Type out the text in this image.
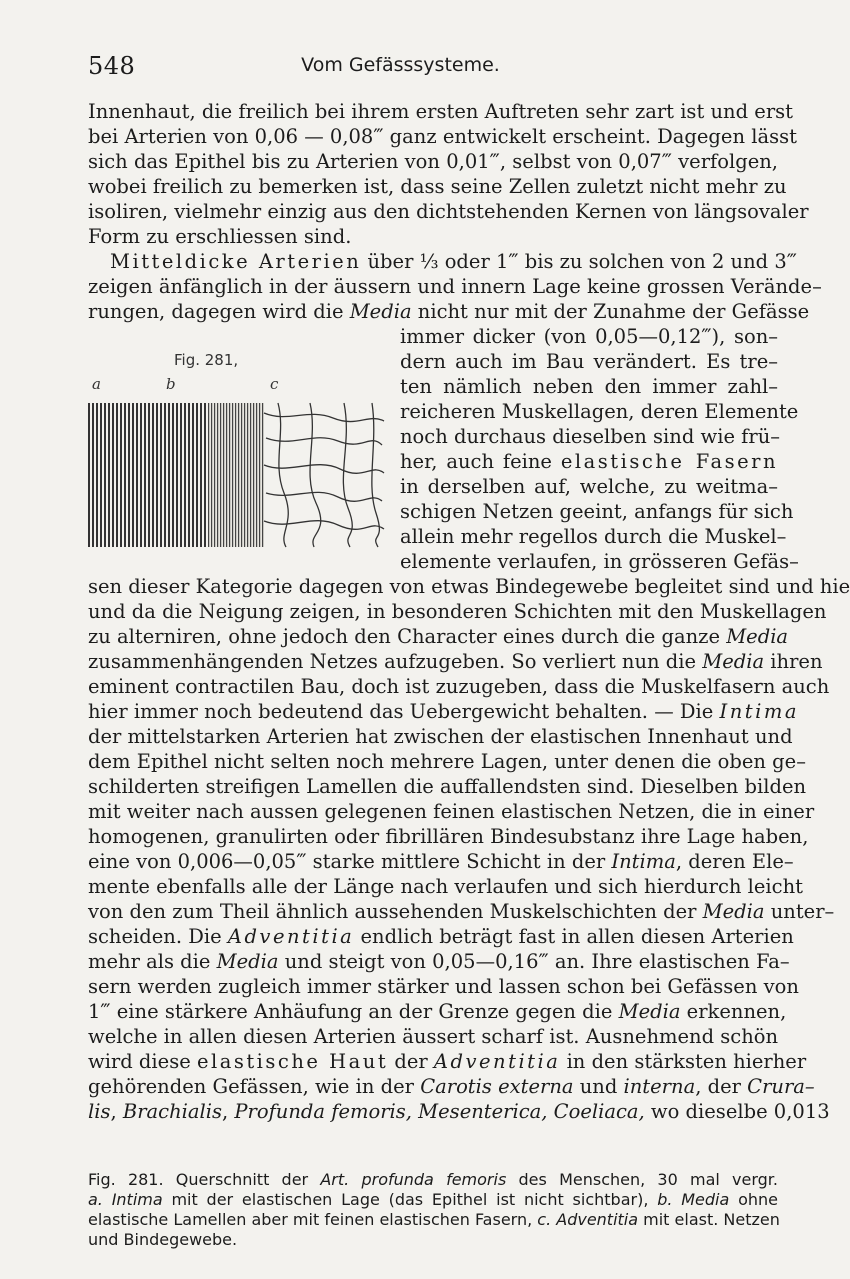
548	Vom Gefässsysteme.
Innenhaut, die freilich bei ihrem ersten Auftreten sehr zart ist und erst
bei Arterien von 0,06 — 0,08‴ ganz entwickelt erscheint. Dagegen lässt
sich das Epithel bis zu Arterien von 0,01‴, selbst von 0,07‴ verfolgen,
wobei freilich zu bemerken ist, dass seine Zellen zuletzt nicht mehr zu
isoliren, vielmehr einzig aus den dichtstehenden Kernen von längsovaler
Form zu erschliessen sind.
Mitteldicke Arterien über ⅓ oder 1‴ bis zu solchen von 2 und 3‴
zeigen änfänglich in der äussern und innern Lage keine grossen Verände–
rungen, dagegen wird die Media nicht nur mit der Zunahme der Gefässe
immer dicker (von 0,05—0,12‴), son–
dern auch im Bau verändert. Es tre–
ten nämlich neben den immer zahl–
reicheren Muskellagen, deren Elemente
noch durchaus dieselben sind wie frü–
her, auch feine elastische Fasern
in derselben auf, welche, zu weitma–
schigen Netzen geeint, anfangs für sich
allein mehr regellos durch die Muskel–
elemente verlaufen, in grösseren Gefäs–
sen dieser Kategorie dagegen von etwas Bindegewebe begleitet sind und hie
und da die Neigung zeigen, in besonderen Schichten mit den Muskellagen
zu alterniren, ohne jedoch den Character eines durch die ganze Media
zusammenhängenden Netzes aufzugeben. So verliert nun die Media ihren
eminent contractilen Bau, doch ist zuzugeben, dass die Muskelfasern auch
hier immer noch bedeutend das Uebergewicht behalten. — Die Intima
der mittelstarken Arterien hat zwischen der elastischen Innenhaut und
dem Epithel nicht selten noch mehrere Lagen, unter denen die oben ge–
schilderten streifigen Lamellen die auffallendsten sind. Dieselben bilden
mit weiter nach aussen gelegenen feinen elastischen Netzen, die in einer
homogenen, granulirten oder fibrillären Bindesubstanz ihre Lage haben,
eine von 0,006—0,05‴ starke mittlere Schicht in der Intima, deren Ele–
mente ebenfalls alle der Länge nach verlaufen und sich hierdurch leicht
von den zum Theil ähnlich aussehenden Muskelschichten der Media unter–
scheiden. Die Adventitia endlich beträgt fast in allen diesen Arterien
mehr als die Media und steigt von 0,05—0,16‴ an. Ihre elastischen Fa–
sern werden zugleich immer stärker und lassen schon bei Gefässen von
1‴ eine stärkere Anhäufung an der Grenze gegen die Media erkennen,
welche in allen diesen Arterien äussert scharf ist. Ausnehmend schön
wird diese elastische Haut der Adventitia in den stärksten hierher
gehörenden Gefässen, wie in der Carotis externa und interna, der Crura–
lis, Brachialis, Profunda femoris, Mesenterica, Coeliaca, wo dieselbe 0,013
Fig. 281,
a	b	c
Fig. 281. Querschnitt der Art. profunda femoris des Menschen, 30 mal vergr.
a. Intima mit der elastischen Lage (das Epithel ist nicht sichtbar), b. Media ohne
elastische Lamellen aber mit feinen elastischen Fasern, c. Adventitia mit elast. Netzen
und Bindegewebe.
